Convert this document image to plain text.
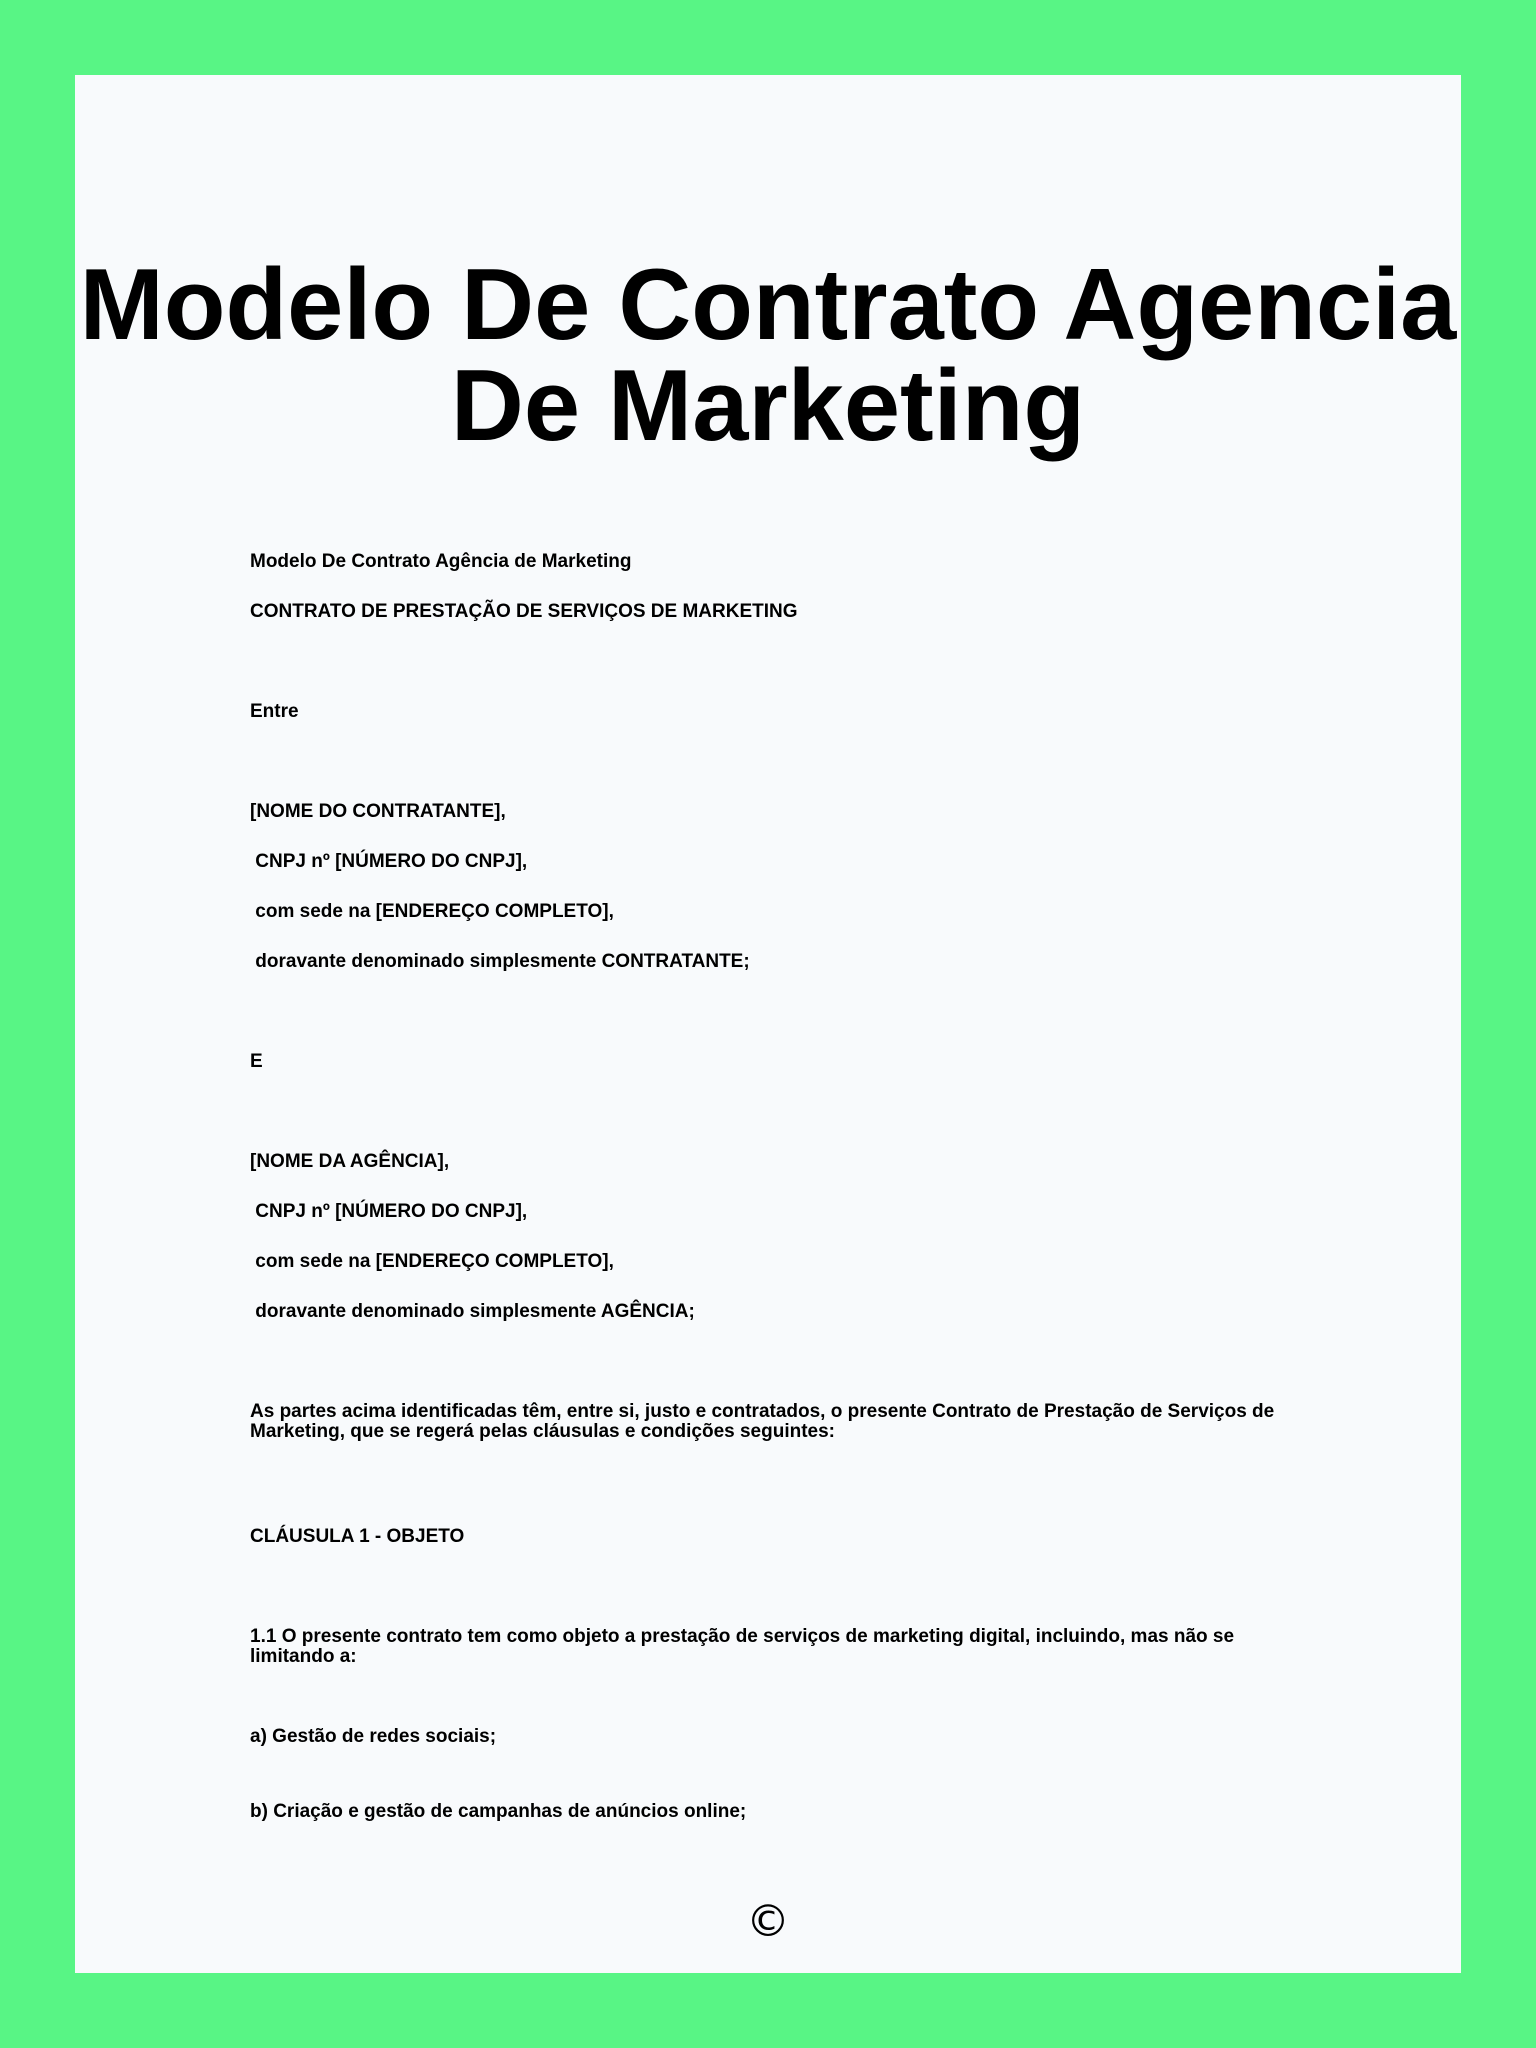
Modelo De Contrato Agencia
De Marketing

Modelo De Contrato Agência de Marketing

CONTRATO DE PRESTAÇÃO DE SERVIÇOS DE MARKETING

Entre

[NOME DO CONTRATANTE],

CNPJ nº [NÚMERO DO CNPJ],

com sede na [ENDEREÇO COMPLETO],

doravante denominado simplesmente CONTRATANTE;

E

[NOME DA AGÊNCIA],

CNPJ nº [NÚMERO DO CNPJ],

com sede na [ENDEREÇO COMPLETO],

doravante denominado simplesmente AGÊNCIA;

As partes acima identificadas têm, entre si, justo e contratados, o presente Contrato de Prestação de Serviços de Marketing, que se regerá pelas cláusulas e condições seguintes:

CLÁUSULA 1 - OBJETO

1.1 O presente contrato tem como objeto a prestação de serviços de marketing digital, incluindo, mas não se limitando a:

a) Gestão de redes sociais;

b) Criação e gestão de campanhas de anúncios online;

©
